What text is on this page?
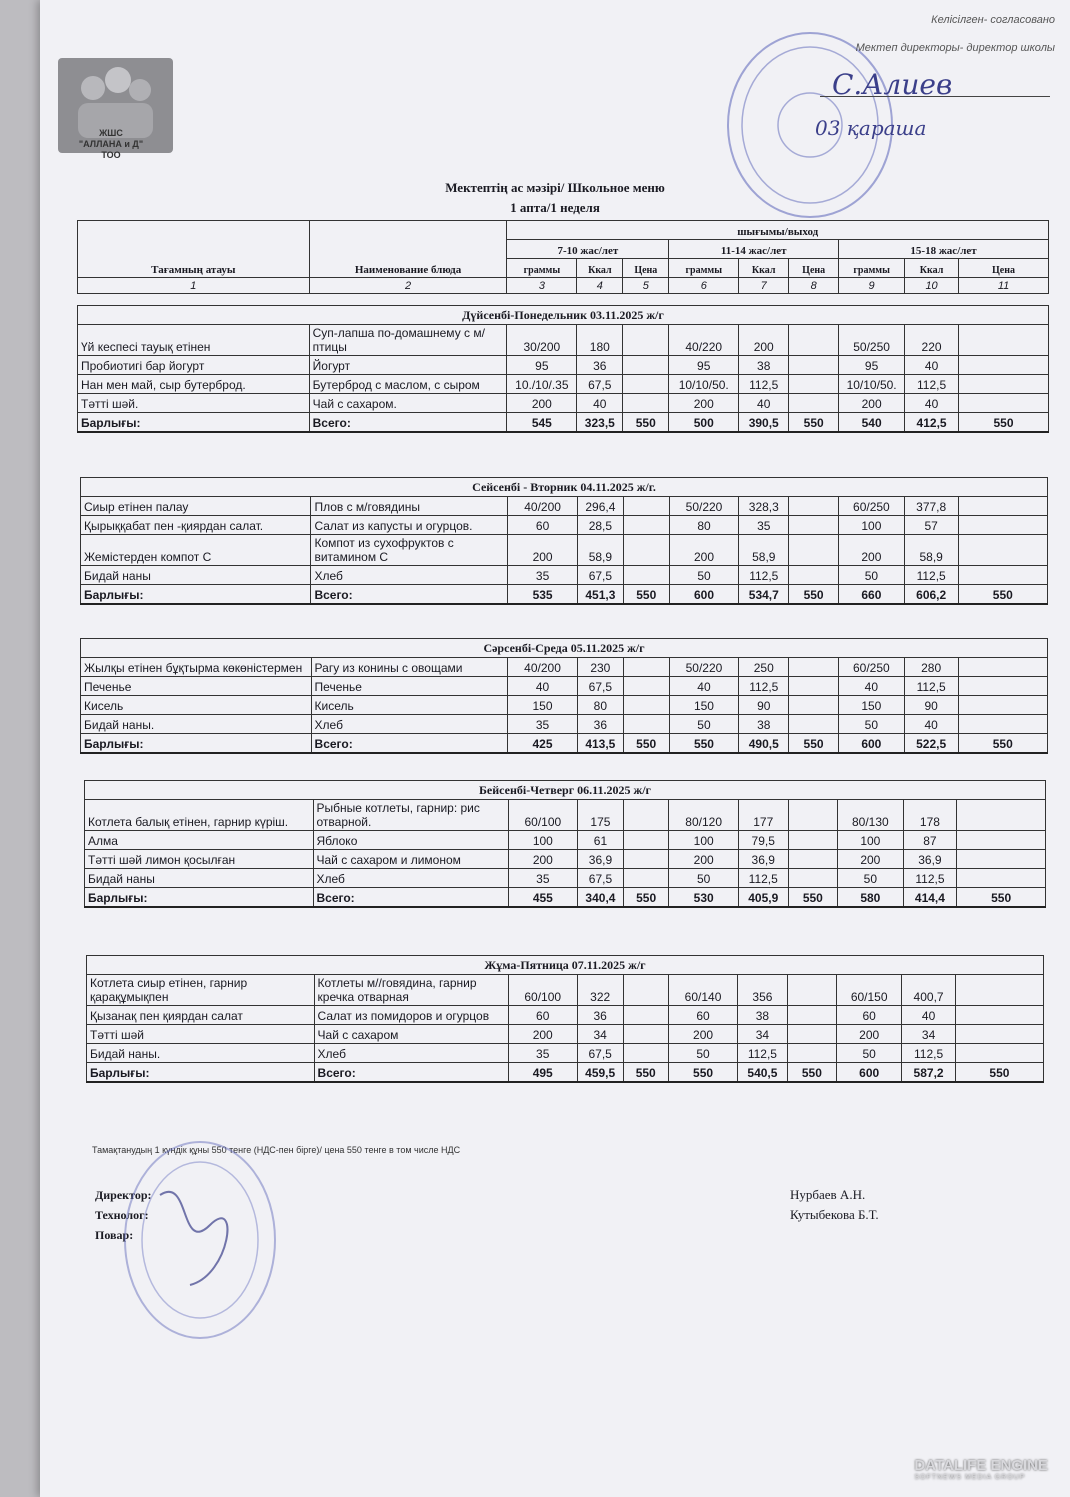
ЖШС
"АЛЛАНА и Д"
ТОО
Келісілген- согласовано
Мектеп директоры- директор школы
С.Алиев
03 қараша
Мектептің ас мәзірі/ Школьное меню
1 апта/1 неделя
Тағамның атауы	Наименование блюда	шығымы/выход								
		7-10 жас/лет			11-14 жас/лет			15-18 жас/лет		
		граммы	Ккал	Цена	граммы	Ккал	Цена	граммы	Ккал	Цена
1	2	3	4	5	6	7	8	9	10	11
Дүйсенбі-Понедельник 03.11.2025 ж/г										
Үй кеспесі тауық етінен	Суп-лапша по-домашнему с м/птицы	30/200	180		40/220	200		50/250	220	
Пробиотигі бар йогурт	Йогурт	95	36		95	38		95	40	
Нан мен май, сыр бутерброд.	Бутерброд с маслом, с сыром	10./10/.35	67,5		10/10/50.	112,5		10/10/50.	112,5	
Тәтті шәй.	Чай с сахаром.	200	40		200	40		200	40	
Барлығы:	Всего:	545	323,5	550	500	390,5	550	540	412,5	550
Сейсенбі - Вторник 04.11.2025 ж/г.										
Сиыр етінен палау	Плов с м/говядины	40/200	296,4		50/220	328,3		60/250	377,8	
Қырыққабат пен -қиярдан салат.	Салат из капусты и огурцов.	60	28,5		80	35		100	57	
Жемістерден компот С	Компот из сухофруктов с витамином С	200	58,9		200	58,9		200	58,9	
Бидай наны	Хлеб	35	67,5		50	112,5		50	112,5	
Барлығы:	Всего:	535	451,3	550	600	534,7	550	660	606,2	550
Сәрсенбі-Среда 05.11.2025 ж/г										
Жылқы етінен бұқтырма көкөністермен	Рагу из конины с овощами	40/200	230		50/220	250		60/250	280	
Печенье	Печенье	40	67,5		40	112,5		40	112,5	
Кисель	Кисель	150	80		150	90		150	90	
Бидай наны.	Хлеб	35	36		50	38		50	40	
Барлығы:	Всего:	425	413,5	550	550	490,5	550	600	522,5	550
Бейсенбі-Четверг 06.11.2025 ж/г										
Котлета балық етінен, гарнир күріш.	Рыбные котлеты, гарнир: рис отварной.	60/100	175		80/120	177		80/130	178	
Алма	Яблоко	100	61		100	79,5		100	87	
Тәтті шәй лимон қосылған	Чай с сахаром и лимоном	200	36,9		200	36,9		200	36,9	
Бидай наны	Хлеб	35	67,5		50	112,5		50	112,5	
Барлығы:	Всего:	455	340,4	550	530	405,9	550	580	414,4	550
Жұма-Пятница 07.11.2025 ж/г										
Котлета сиыр етінен, гарнир қарақұмықпен	Котлеты м//говядина, гарнир кречка отварная	60/100	322		60/140	356		60/150	400,7	
Қызанақ пен қиярдан салат	Салат из помидоров и огурцов	60	36		60	38		60	40	
Тәтті шәй	Чай с сахаром	200	34		200	34		200	34	
Бидай наны.	Хлеб	35	67,5		50	112,5		50	112,5	
Барлығы:	Всего:	495	459,5	550	550	540,5	550	600	587,2	550
Тамақтанудың 1 күндік құны 550 тенге (НДС-пен бірге)/ цена 550 тенге в том числе НДС
Директор:
Технолог:
Повар:
Нурбаев А.Н.
Кутыбекова Б.Т.
DATALIFE ENGINE
SOFTNEWS MEDIA GROUP
